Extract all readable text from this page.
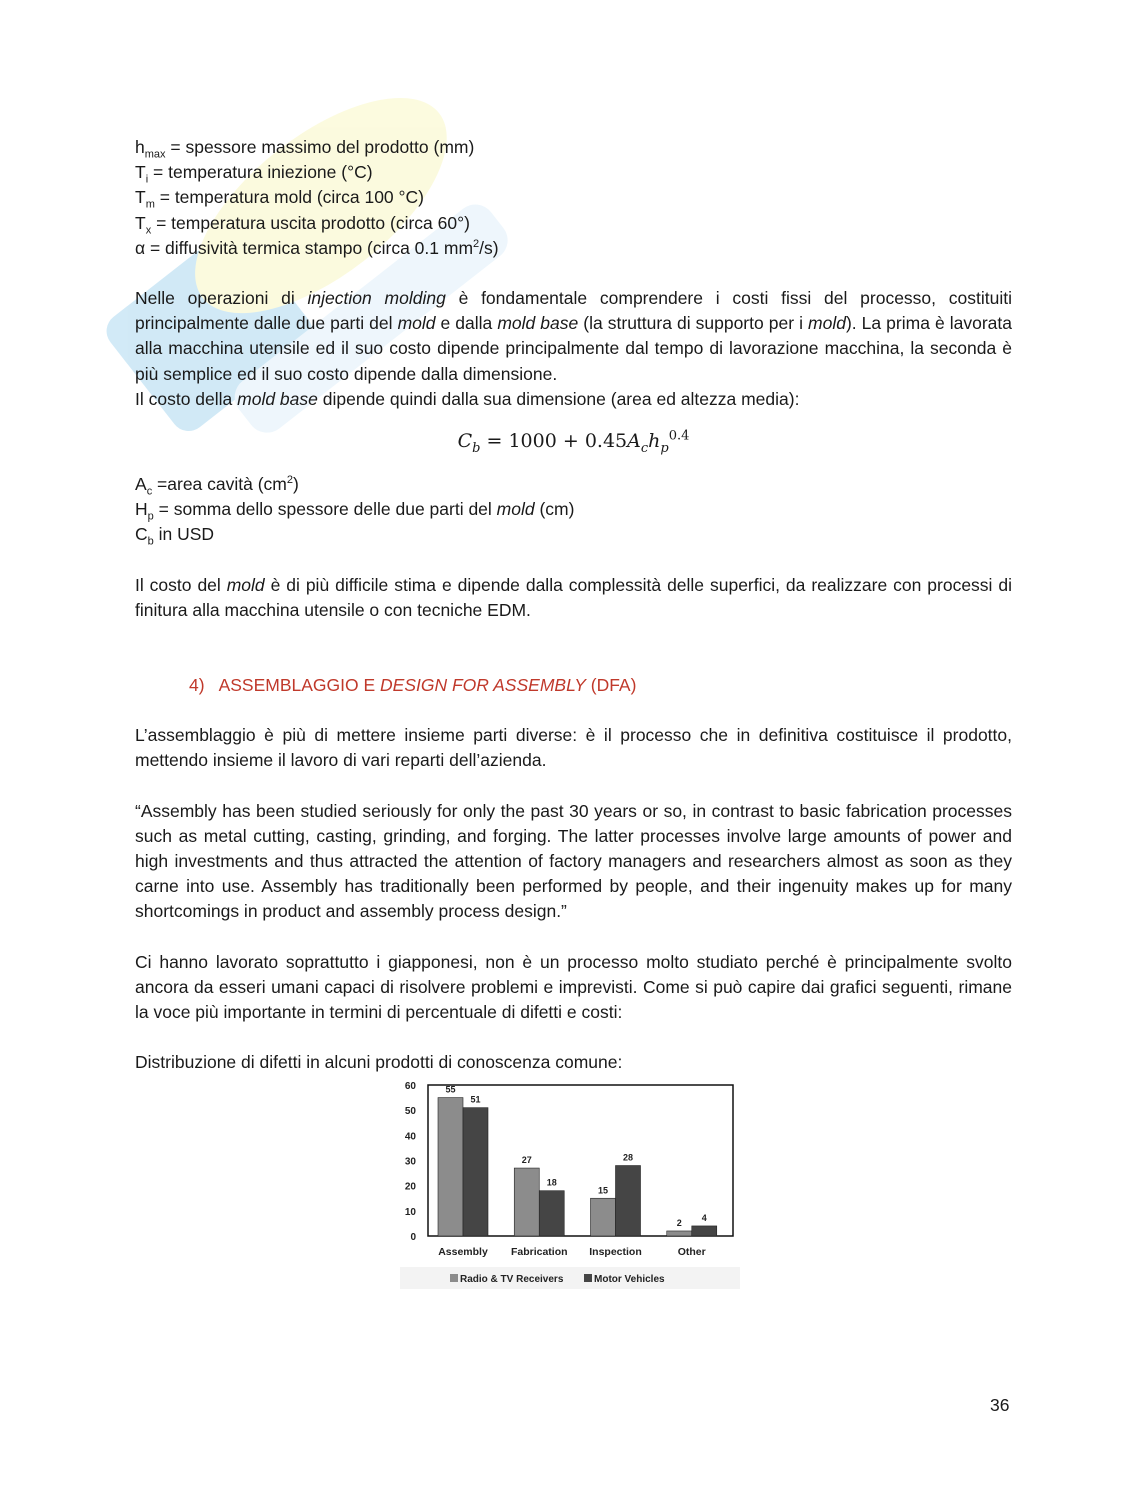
$h_{max}$ = spessore massimo del prodotto (mm)

$T_i$ = temperatura iniezione (°C)

$T_m$ = temperatura mold (circa 100 °C)

$T_x$ = temperatura uscita prodotto (circa 60°)

α = diffusività termica stampo (circa 0.1 $mm^2/s$)

Nelle operazioni di injection molding è fondamentale comprendere i costi fissi del processo, costituiti principalmente dalle due parti del mold e dalla mold base (la struttura di supporto per i mold). La prima è lavorata alla macchina utensile ed il suo costo dipende principalmente dal tempo di lavorazione macchina, la seconda è più semplice ed il suo costo dipende dalla dimensione.

Il costo della mold base dipende quindi dalla sua dimensione (area ed altezza media):

$C_b = 1000 + 0.45A_ch_p^{0.4}$

$A_c$ =area cavità $(cm^2)$

$H_p$ = somma dello spessore delle due parti del mold (cm)

$C_b$ in USD

Il costo del mold è di più difficile stima e dipende dalla complessità delle superfici, da realizzare con processi di finitura alla macchina utensile o con tecniche EDM.

4) ASSEMBLAGGIO E DESIGN FOR ASSEMBLY (DFA)

L’assemblaggio è più di mettere insieme parti diverse: è il processo che in definitiva costituisce il prodotto, mettendo insieme il lavoro di vari reparti dell’azienda.

“Assembly has been studied seriously for only the past 30 years or so, in contrast to basic fabrication processes such as metal cutting, casting, grinding, and forging. The latter processes involve large amounts of power and high investments and thus attracted the attention of factory managers and researchers almost as soon as they carne into use. Assembly has traditionally been performed by people, and their ingenuity makes up for many shortcomings in product and assembly process design.”

Ci hanno lavorato soprattutto i giapponesi, non è un processo molto studiato perché è principalmente svolto ancora da esseri umani capaci di risolvere problemi e imprevisti. Come si può capire dai grafici seguenti, rimane la voce più importante in termini di percentuale di difetti e costi:

Distribuzione di difetti in alcuni prodotti di conoscenza comune:

0
10
20
30
40
50
60	55
51
Assembly
27
18
Fabrication
15
28
Inspection
2
4
Other
Radio & TV Receivers	Motor Vehicles
36
